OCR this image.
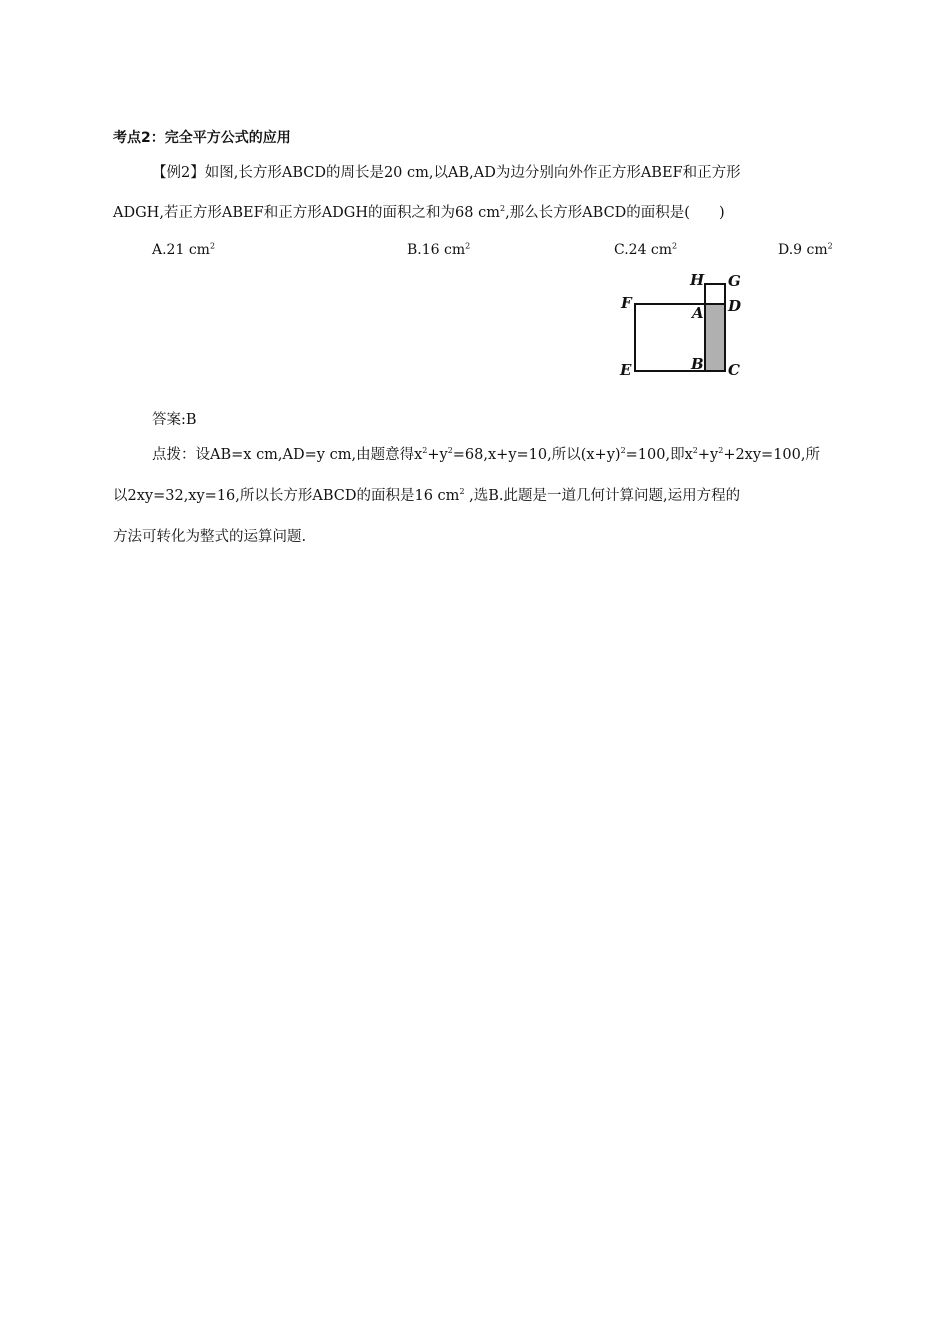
考点2：完全平方公式的应用
【例2】如图,长方形ABCD的周长是20 cm,以AB,AD为边分别向外作正方形ABEF和正方形
ADGH,若正方形ABEF和正方形ADGH的面积之和为68 $cm^2$,那么长方形ABCD的面积是(　　)
A.21 $cm^2$	B.16 $cm^2$	C.24 $cm^2$	D.9 $cm^2$
H G
F
A D
E	B C
答案:B
点拨：设AB=x cm,AD=y cm,由题意得$x^2+y^2=68,x+y=10$,所以$(x+y)^2=100$,即$x^2+y^2+2xy=100$,所
以2xy=32,xy=16,所以长方形ABCD的面积是16 $cm^2$ ,选B.此题是一道几何计算问题,运用方程的
方法可转化为整式的运算问题.
